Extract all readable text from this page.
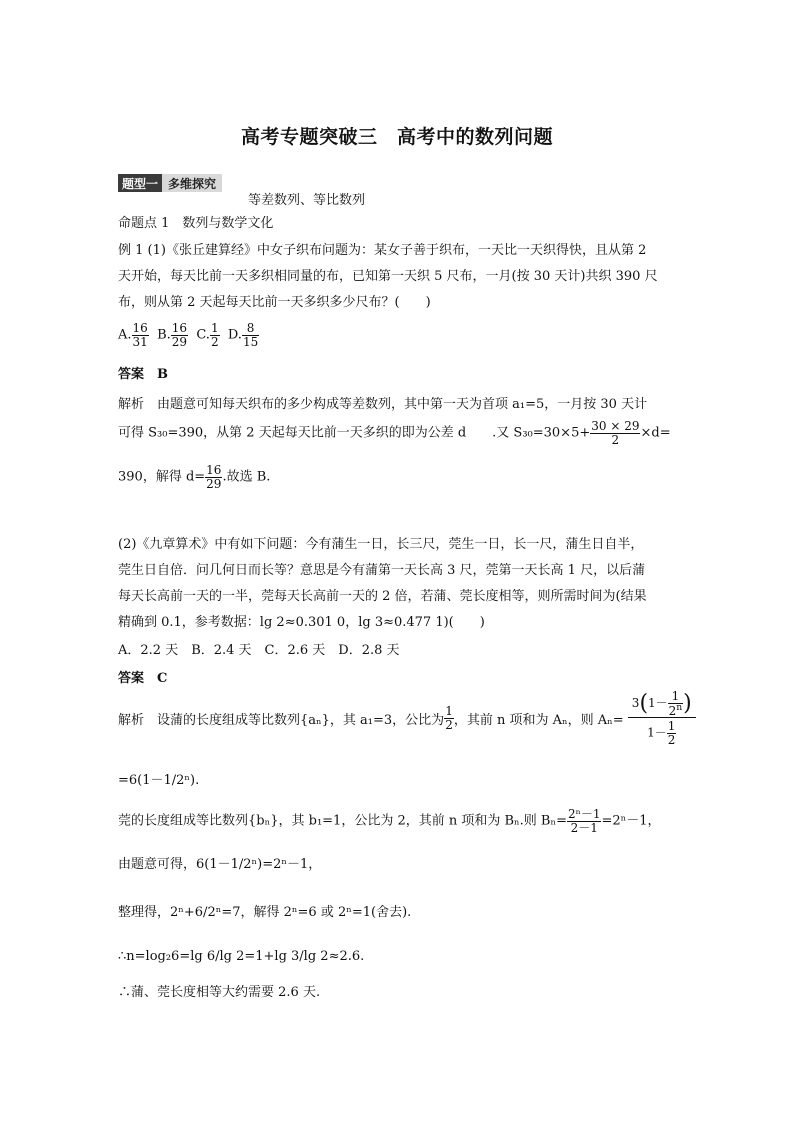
高考专题突破三　高考中的数列问题
题型一 多维探究
等差数列、等比数列
命题点 1　数列与数学文化
例 1 (1)《张丘建算经》中女子织布问题为：某女子善于织布，一天比一天织得快，且从第 2
天开始，每天比前一天多织相同量的布，已知第一天织 5 尺布，一月(按 30 天计)共织 390 尺
布，则从第 2 天起每天比前一天多织多少尺布？(　　)
A. $\frac{16}{31} B$. $\frac{16}{29} C$. $\frac{1}{2} D$. $\frac{8}{15}$
答案　B
解析　由题意可知每天织布的多少构成等差数列，其中第一天为首项 a₁=5，一月按 30 天计
可得 S₃₀=390，从第 2 天起每天比前一天多织的即为公差 d　　.又 $S_{30}=30\times 5+ \frac{30 \times 29}{2} \times d=$
390，解得 $d= \frac{16}{29}$ .故选 B.
(2)《九章算术》中有如下问题：今有蒲生一日，长三尺，莞生一日，长一尺，蒲生日自半，
莞生日自倍．问几何日而长等？意思是今有蒲第一天长高 3 尺，莞第一天长高 1 尺，以后蒲
每天长高前一天的一半，莞每天长高前一天的 2 倍，若蒲、莞长度相等，则所需时间为(结果
精确到 0.1，参考数据：lg 2≈0.301 0，lg 3≈0.477 1)(　　)
A．2.2 天　B．2.4 天　C．2.6 天　D．2.8 天
答案　C
解析　设蒲的长度组成等比数列{aₙ}，其 a₁=3，公比为 $\frac{1}{2}$ ，其前 n 项和为 Aₙ，则 $A_n= \frac{3(1- \frac{1}{2^n} )}{1- \frac{1}{2}}$
=6(1－1/2ⁿ).
莞的长度组成等比数列{bₙ}，其 b₁=1，公比为 2，其前 n 项和为 Bₙ.则 $B_n= \frac{\text{2ⁿ－1}}{2-1} =2^n-1$，
由题意可得，6(1－1/2ⁿ)=2ⁿ－1，
整理得，2ⁿ+6/2ⁿ=7，解得 2ⁿ=6 或 2ⁿ=1(舍去).
∴n=log₂6=lg 6/lg 2=1+lg 3/lg 2≈2.6.
∴蒲、莞长度相等大约需要 2.6 天.
